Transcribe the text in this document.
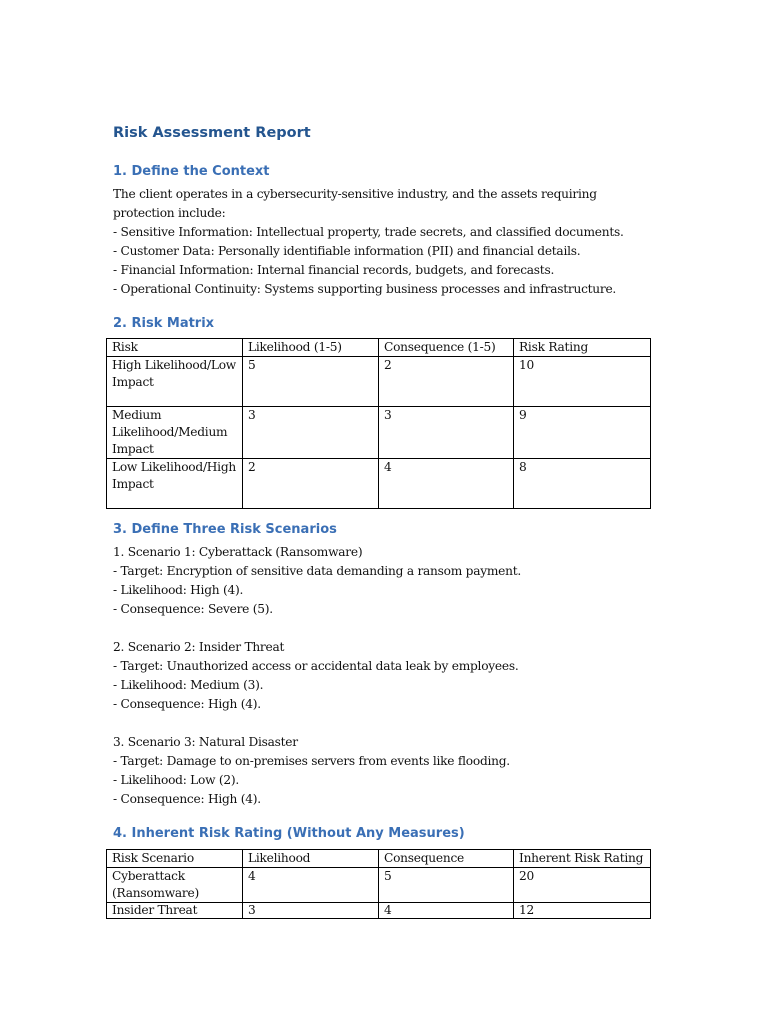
Risk Assessment Report
1. Define the Context
The client operates in a cybersecurity-sensitive industry, and the assets requiring
protection include:
- Sensitive Information: Intellectual property, trade secrets, and classified documents.
- Customer Data: Personally identifiable information (PII) and financial details.
- Financial Information: Internal financial records, budgets, and forecasts.
- Operational Continuity: Systems supporting business processes and infrastructure.
2. Risk Matrix
Risk	Likelihood (1-5)	Consequence (1-5)	Risk Rating
High Likelihood/Low Impact	5	2	10
Medium Likelihood/Medium Impact	3	3	9
Low Likelihood/High Impact	2	4	8
3. Define Three Risk Scenarios
1. Scenario 1: Cyberattack (Ransomware)
- Target: Encryption of sensitive data demanding a ransom payment.
- Likelihood: High (4).
- Consequence: Severe (5).
2. Scenario 2: Insider Threat
- Target: Unauthorized access or accidental data leak by employees.
- Likelihood: Medium (3).
- Consequence: High (4).
3. Scenario 3: Natural Disaster
- Target: Damage to on-premises servers from events like flooding.
- Likelihood: Low (2).
- Consequence: High (4).
4. Inherent Risk Rating (Without Any Measures)
Risk Scenario	Likelihood	Consequence	Inherent Risk Rating
Cyberattack (Ransomware)	4	5	20
Insider Threat	3	4	12
